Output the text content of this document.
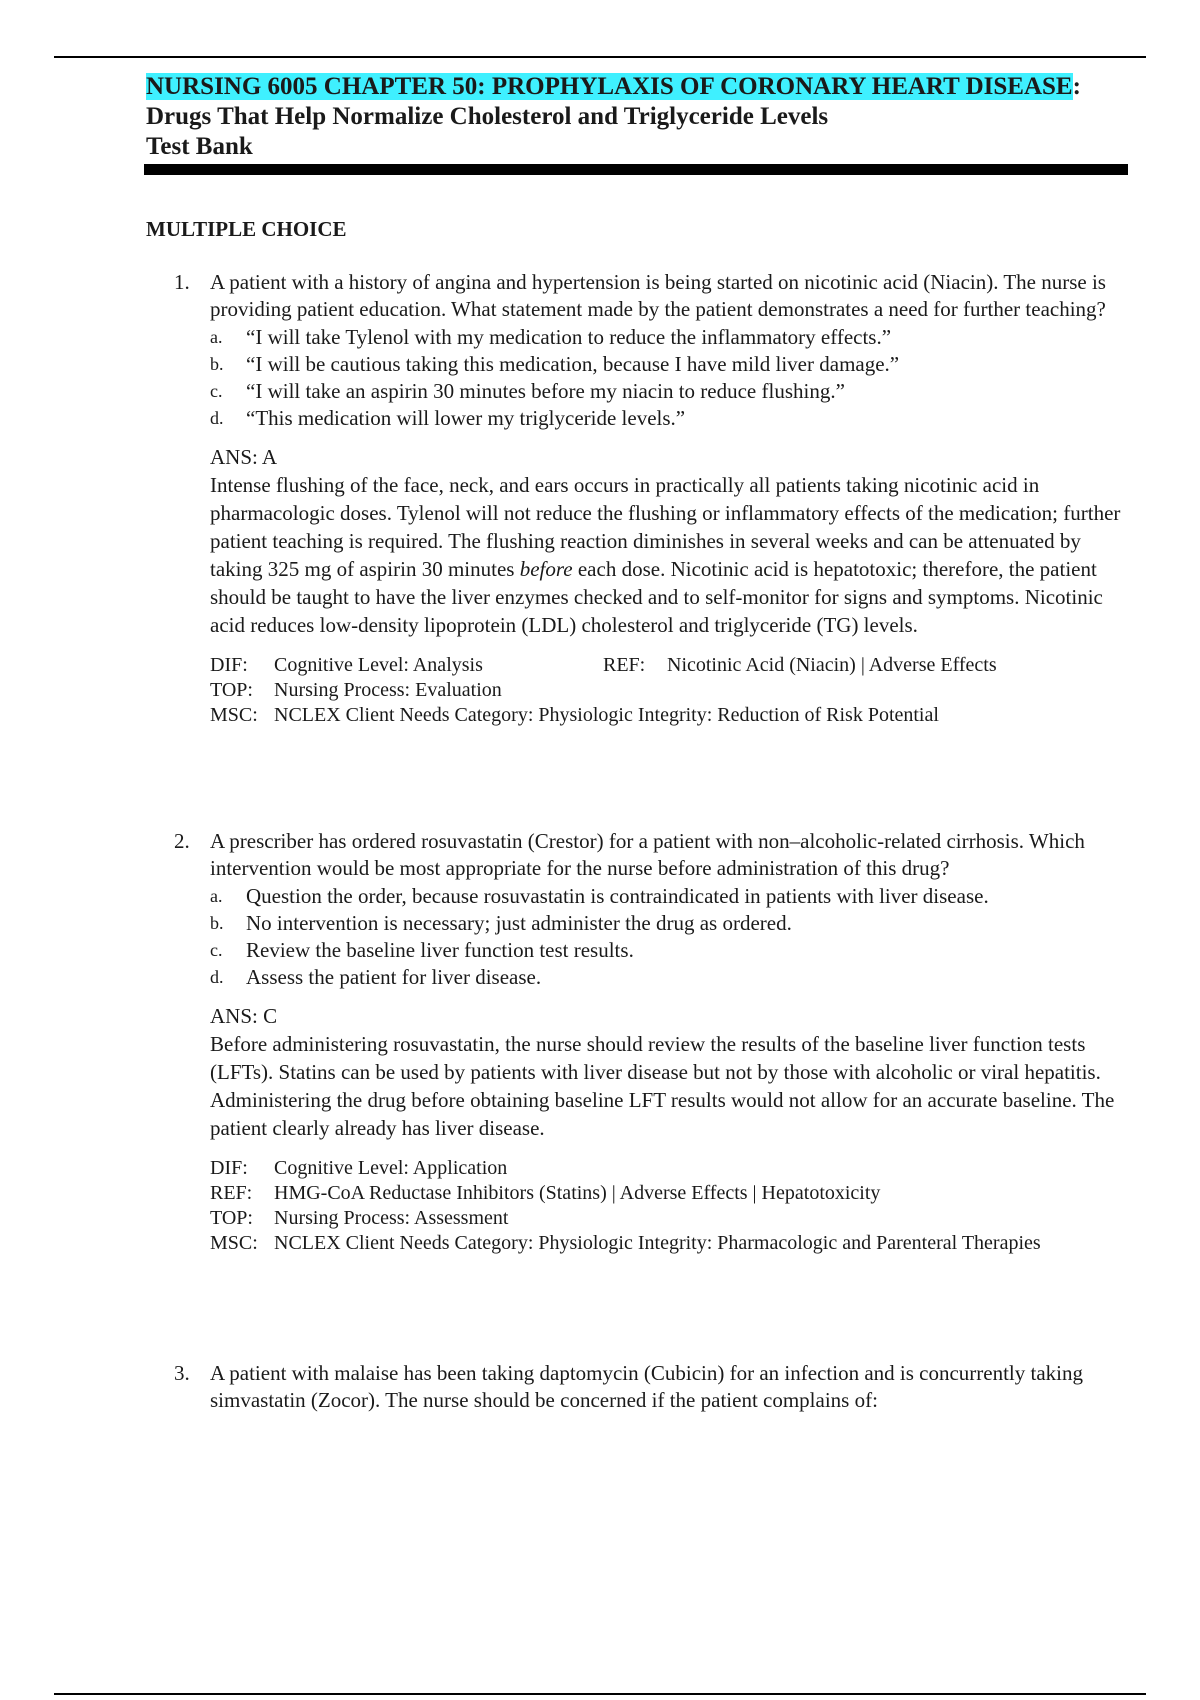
NURSING 6005 CHAPTER 50: PROPHYLAXIS OF CORONARY HEART DISEASE: Drugs That Help Normalize Cholesterol and Triglyceride Levels
Test Bank
MULTIPLE CHOICE
1. A patient with a history of angina and hypertension is being started on nicotinic acid (Niacin). The nurse is providing patient education. What statement made by the patient demonstrates a need for further teaching?
a. “I will take Tylenol with my medication to reduce the inflammatory effects.”
b. “I will be cautious taking this medication, because I have mild liver damage.”
c. “I will take an aspirin 30 minutes before my niacin to reduce flushing.”
d. “This medication will lower my triglyceride levels.”
ANS: A
Intense flushing of the face, neck, and ears occurs in practically all patients taking nicotinic acid in pharmacologic doses. Tylenol will not reduce the flushing or inflammatory effects of the medication; further patient teaching is required. The flushing reaction diminishes in several weeks and can be attenuated by taking 325 mg of aspirin 30 minutes before each dose. Nicotinic acid is hepatotoxic; therefore, the patient should be taught to have the liver enzymes checked and to self-monitor for signs and symptoms. Nicotinic acid reduces low-density lipoprotein (LDL) cholesterol and triglyceride (TG) levels.
DIF: Cognitive Level: Analysis	REF: Nicotinic Acid (Niacin) | Adverse Effects
TOP: Nursing Process: Evaluation
MSC: NCLEX Client Needs Category: Physiologic Integrity: Reduction of Risk Potential
2. A prescriber has ordered rosuvastatin (Crestor) for a patient with non–alcoholic-related cirrhosis. Which intervention would be most appropriate for the nurse before administration of this drug?
a. Question the order, because rosuvastatin is contraindicated in patients with liver disease.
b. No intervention is necessary; just administer the drug as ordered.
c. Review the baseline liver function test results.
d. Assess the patient for liver disease.
ANS: C
Before administering rosuvastatin, the nurse should review the results of the baseline liver function tests (LFTs). Statins can be used by patients with liver disease but not by those with alcoholic or viral hepatitis. Administering the drug before obtaining baseline LFT results would not allow for an accurate baseline. The patient clearly already has liver disease.
DIF: Cognitive Level: Application
REF: HMG-CoA Reductase Inhibitors (Statins) | Adverse Effects | Hepatotoxicity
TOP: Nursing Process: Assessment
MSC: NCLEX Client Needs Category: Physiologic Integrity: Pharmacologic and Parenteral Therapies
3. A patient with malaise has been taking daptomycin (Cubicin) for an infection and is concurrently taking simvastatin (Zocor). The nurse should be concerned if the patient complains of:
